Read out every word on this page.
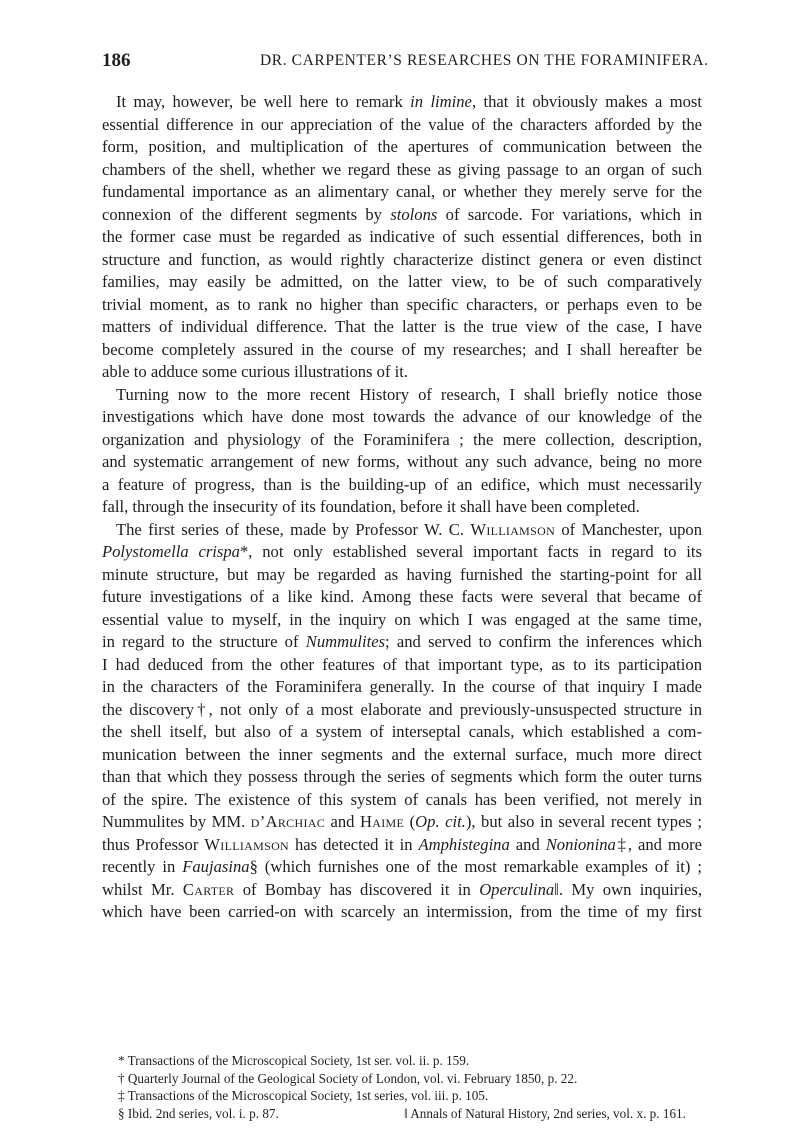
186	DR. CARPENTER’S RESEARCHES ON THE FORAMINIFERA.
It may, however, be well here to remark in limine, that it obviously makes a most
essential difference in our appreciation of the value of the characters afforded by the
form, position, and multiplication of the apertures of communication between the
chambers of the shell, whether we regard these as giving passage to an organ of such
fundamental importance as an alimentary canal, or whether they merely serve for the
connexion of the different segments by stolons of sarcode. For variations, which in
the former case must be regarded as indicative of such essential differences, both in
structure and function, as would rightly characterize distinct genera or even distinct
families, may easily be admitted, on the latter view, to be of such comparatively
trivial moment, as to rank no higher than specific characters, or perhaps even to be
matters of individual difference. That the latter is the true view of the case, I have
become completely assured in the course of my researches; and I shall hereafter be
able to adduce some curious illustrations of it.
Turning now to the more recent History of research, I shall briefly notice those
investigations which have done most towards the advance of our knowledge of the
organization and physiology of the Foraminifera ; the mere collection, description,
and systematic arrangement of new forms, without any such advance, being no more
a feature of progress, than is the building-up of an edifice, which must necessarily
fall, through the insecurity of its foundation, before it shall have been completed.
The first series of these, made by Professor W. C. Williamson of Manchester, upon
Polystomella crispa*, not only established several important facts in regard to its
minute structure, but may be regarded as having furnished the starting-point for all
future investigations of a like kind. Among these facts were several that became of
essential value to myself, in the inquiry on which I was engaged at the same time,
in regard to the structure of Nummulites; and served to confirm the inferences which
I had deduced from the other features of that important type, as to its participation
in the characters of the Foraminifera generally. In the course of that inquiry I made
the discovery†, not only of a most elaborate and previously-unsuspected structure in
the shell itself, but also of a system of interseptal canals, which established a com-
munication between the inner segments and the external surface, much more direct
than that which they possess through the series of segments which form the outer turns
of the spire. The existence of this system of canals has been verified, not merely in
Nummulites by MM. d’Archiac and Haime (Op. cit.), but also in several recent types ;
thus Professor Williamson has detected it in Amphistegina and Nonionina‡, and more
recently in Faujasina§ (which furnishes one of the most remarkable examples of it) ;
whilst Mr. Carter of Bombay has discovered it in Operculina‖. My own inquiries,
which have been carried-on with scarcely an intermission, from the time of my first
* Transactions of the Microscopical Society, 1st ser. vol. ii. p. 159.
† Quarterly Journal of the Geological Society of London, vol. vi. February 1850, p. 22.
‡ Transactions of the Microscopical Society, 1st series, vol. iii. p. 105.
§ Ibid. 2nd series, vol. i. p. 87.	‖ Annals of Natural History, 2nd series, vol. x. p. 161.
